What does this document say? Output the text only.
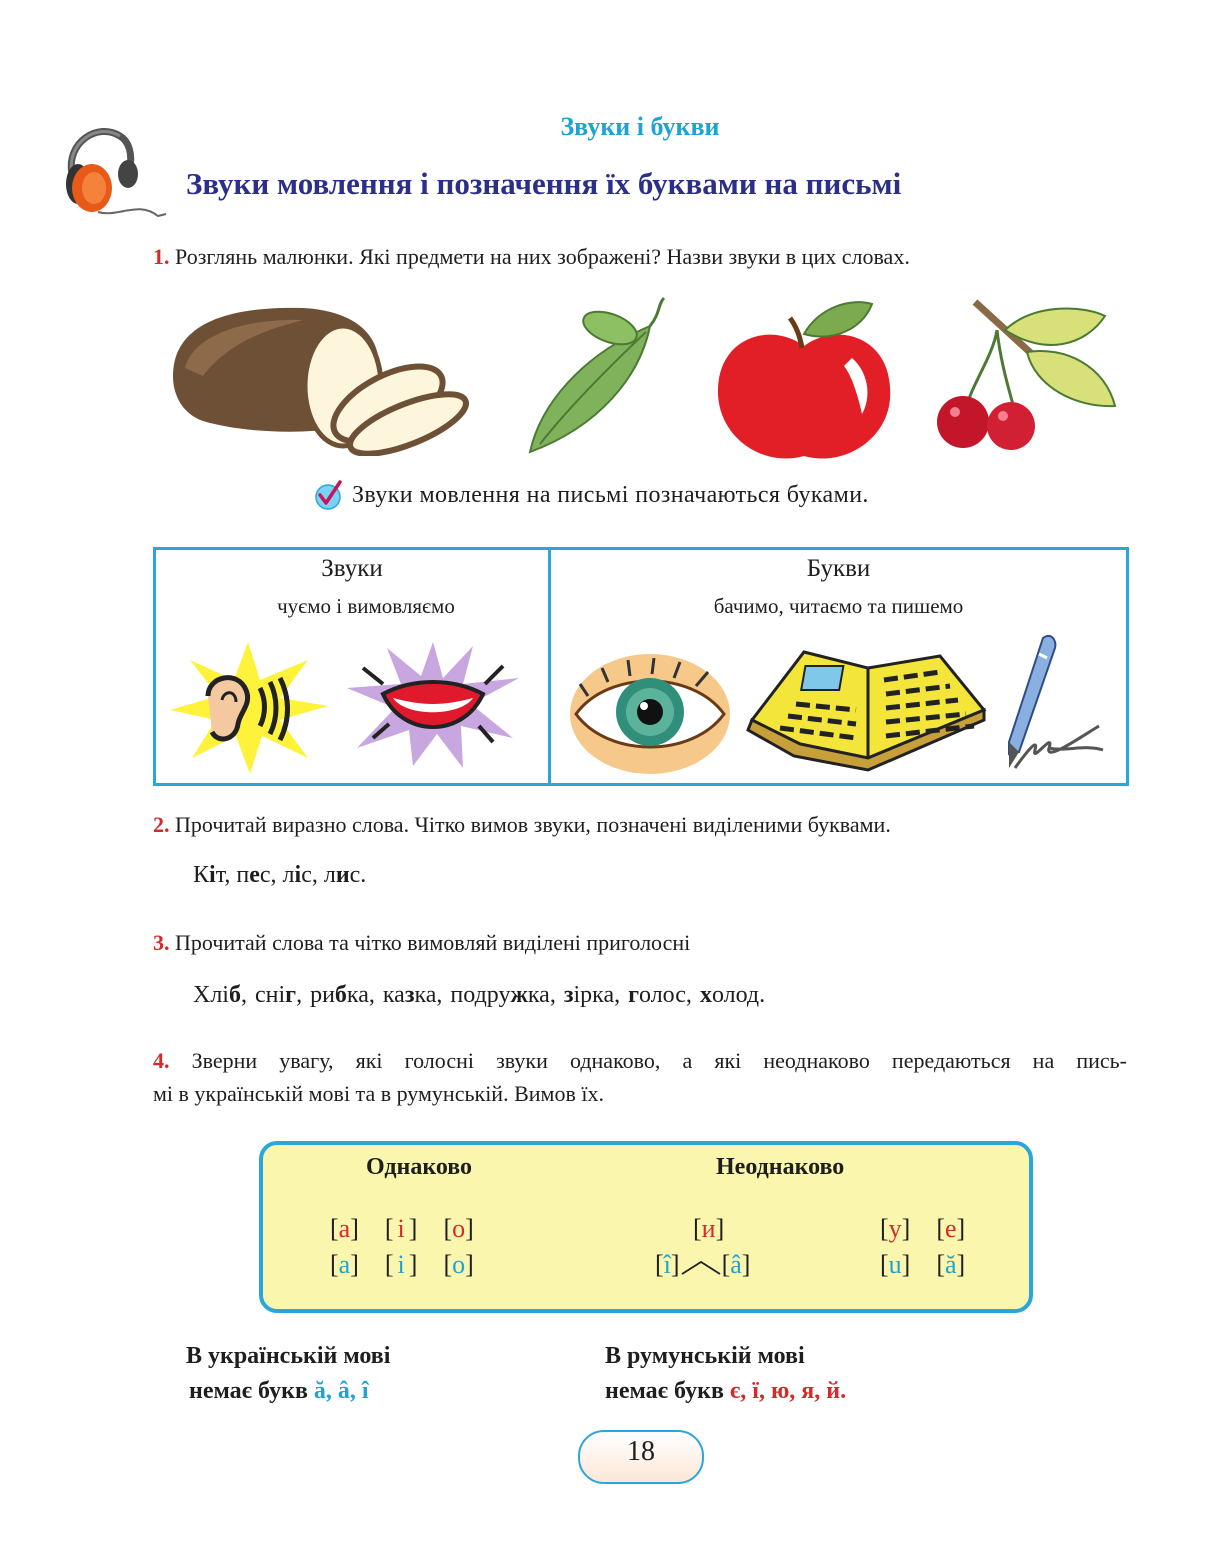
Звуки і букви
Звуки мовлення і позначення їх буквами на письмі
1. Розглянь малюнки. Які предмети на них зображені? Назви звуки в цих словах.
Звуки мовлення на письмі позначаються буками.
Звуки
чуємо і вимовляємо
Букви
бачимо, читаємо та пишемо
2. Прочитай виразно слова. Чітко вимов звуки, позначені виділеними буквами.
Кіт, пес, ліс, лис.
3. Прочитай слова та чітко вимовляй виділені приголосні
Хліб, сніг, рибка, казка, подружка, зірка, голос, холод.
4. Зверни увагу, які голосні звуки однаково, а які неоднаково передаються на пись-
мі в українській мові та в румунській. Вимов їх.
Однаково	Неоднаково
[а]    [ і ]    [о]
[a]    [ i ]    [o]
[и]
[î] [â]
[у]    [е]
[u]    [ă]
В українській мові
немає букв ă, â, î
В румунській мові
немає букв є, ї, ю, я, й.
18
